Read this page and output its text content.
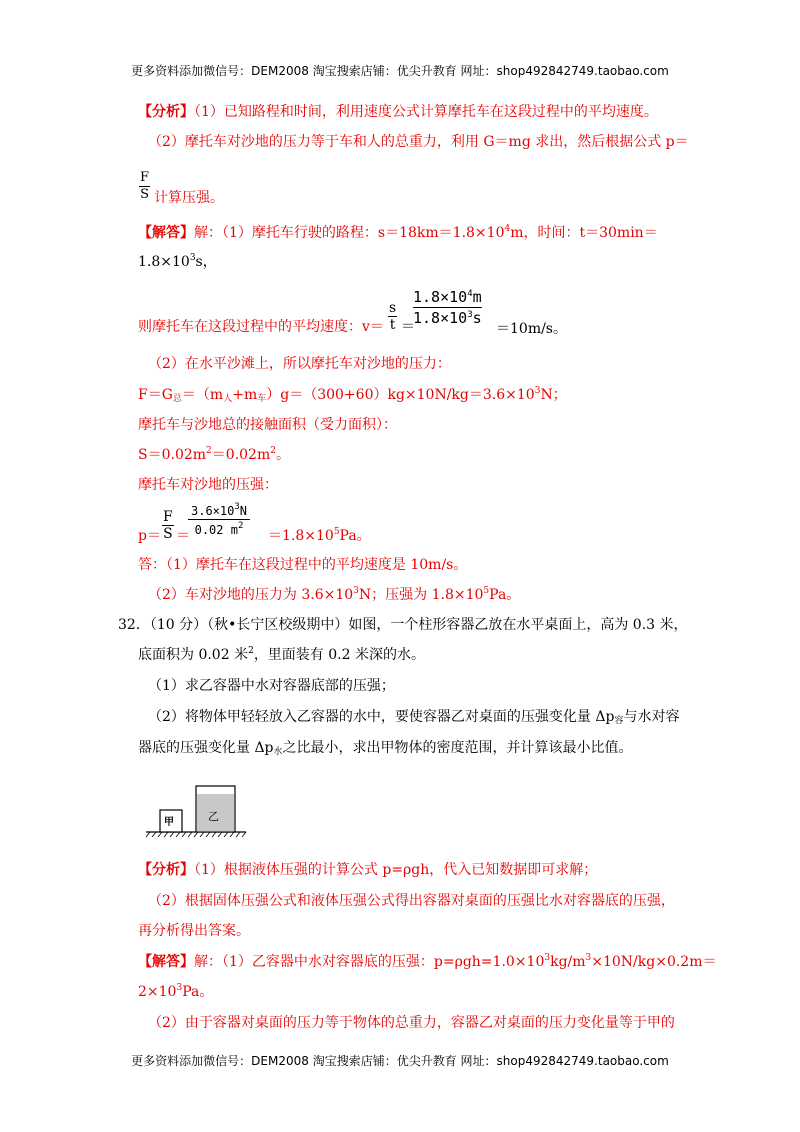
更多资料添加微信号：DEM2008 淘宝搜索店铺：优尖升教育 网址：shop492842749.taobao.com
更多资料添加微信号：DEM2008 淘宝搜索店铺：优尖升教育 网址：shop492842749.taobao.com
【分析】（1）已知路程和时间，利用速度公式计算摩托车在这段过程中的平均速度。
（2）摩托车对沙地的压力等于车和人的总重力，利用 G＝mg 求出，然后根据公式 p＝
$\frac{F}{S}$ 计算压强。
【解答】解：（1）摩托车行驶的路程：$s=18km=1.8\times 10^4m$，时间：t＝30min＝
$1.8\times 10^3s$，
则摩托车在这段过程中的平均速度：$v= \frac{s}{t}$ ＝
$\frac{1.8\times 10^4m}{1.8\times 10^3s}$
＝10m/s。
（2）在水平沙滩上，所以摩托车对沙地的压力：
$F=G_总=(m_人+m_车)g=(300+60)kg\times 10N/kg=3.6\times 10^3N$；
摩托车与沙地总的接触面积（受力面积）：
$S=0.02m^2=0.02m^2$。
摩托车对沙地的压强：
$p= \frac{F}{S}$ ＝
$\frac{3.6\times 10^3N}{0.02 m^2} =1.8\times 10^5Pa$。
答：（1）摩托车在这段过程中的平均速度是 10m/s。
（2）车对沙地的压力为 $3.6\times 10^3N$；压强为 $1.8\times 10^5Pa$。
32．（10 分）（秋•长宁区校级期中）如图，一个柱形容器乙放在水平桌面上，高为 0.3 米，
底面积为 0.02 米$^2$，里面装有 0.2 米深的水。
（1）求乙容器中水对容器底部的压强；
（2）将物体甲轻轻放入乙容器的水中，要使容器乙对桌面的压强变化量 $\Delta p_容$与水对容
器底的压强变化量 $\Delta p_水$之比最小，求出甲物体的密度范围，并计算该最小比值。
甲	乙
【分析】（1）根据液体压强的计算公式 p=ρgh，代入已知数据即可求解；
（2）根据固体压强公式和液体压强公式得出容器对桌面的压强比水对容器底的压强，
再分析得出答案。
【解答】解：（1）乙容器中水对容器底的压强：$p=\rho gh=1.0\times 10^3kg/m^3\times 10N/kg\times 0.2m=$
$2\times 10^3Pa$。
（2）由于容器对桌面的压力等于物体的总重力，容器乙对桌面的压力变化量等于甲的
